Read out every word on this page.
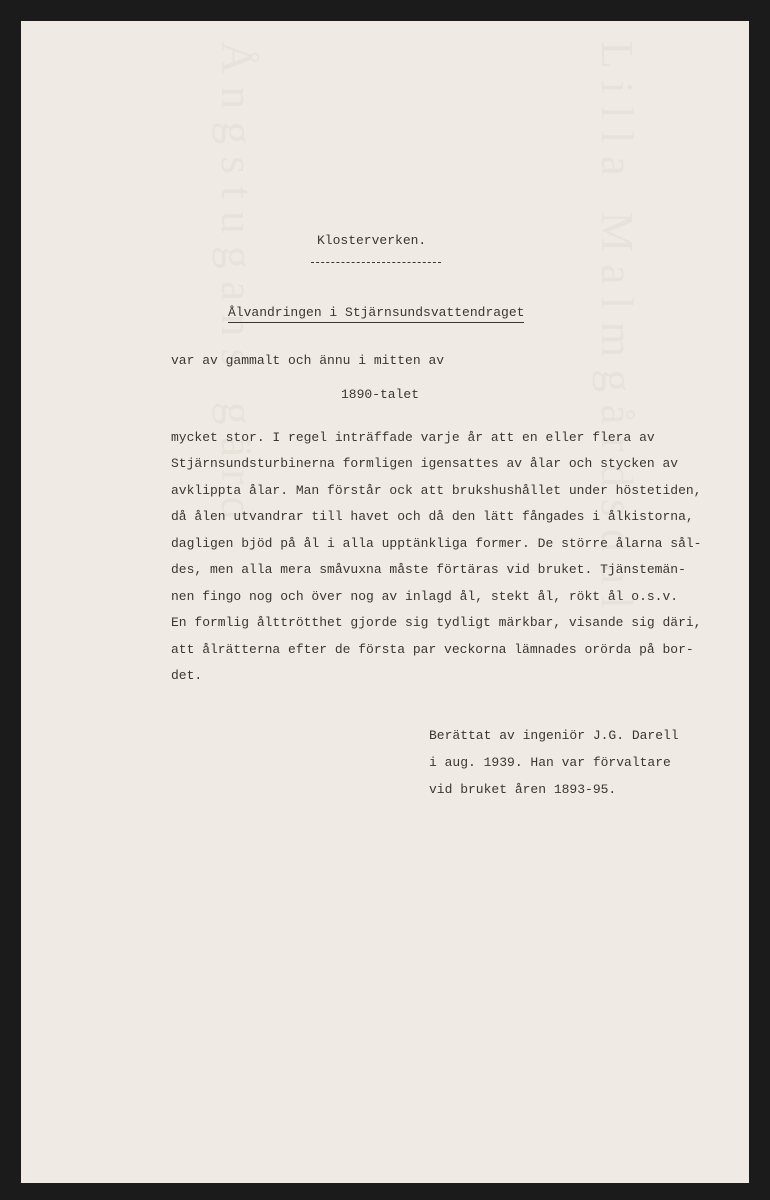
Ångstugans gärd	Lilla Malmgårdsdal
Klosterverken.
Ålvandringen i Stjärnsundsvattendraget
var av gammalt och ännu i mitten av
1890-talet
mycket stor. I regel inträffade varje år att en eller flera av
Stjärnsundsturbinerna formligen igensattes av ålar och stycken av
avklippta ålar. Man förstår ock att brukshushållet under höstetiden,
då ålen utvandrar till havet och då den lätt fångades i ålkistorna,
dagligen bjöd på ål i alla upptänkliga former. De större ålarna sål-
des, men alla mera småvuxna måste förtäras vid bruket. Tjänstemän-
nen fingo nog och över nog av inlagd ål, stekt ål, rökt ål o.s.v.
En formlig ålttrötthet gjorde sig tydligt märkbar, visande sig däri,
att ålrätterna efter de första par veckorna lämnades orörda på bor-
det.
Berättat av ingeniör J.G. Darell
i aug. 1939. Han var förvaltare
vid bruket åren 1893-95.
